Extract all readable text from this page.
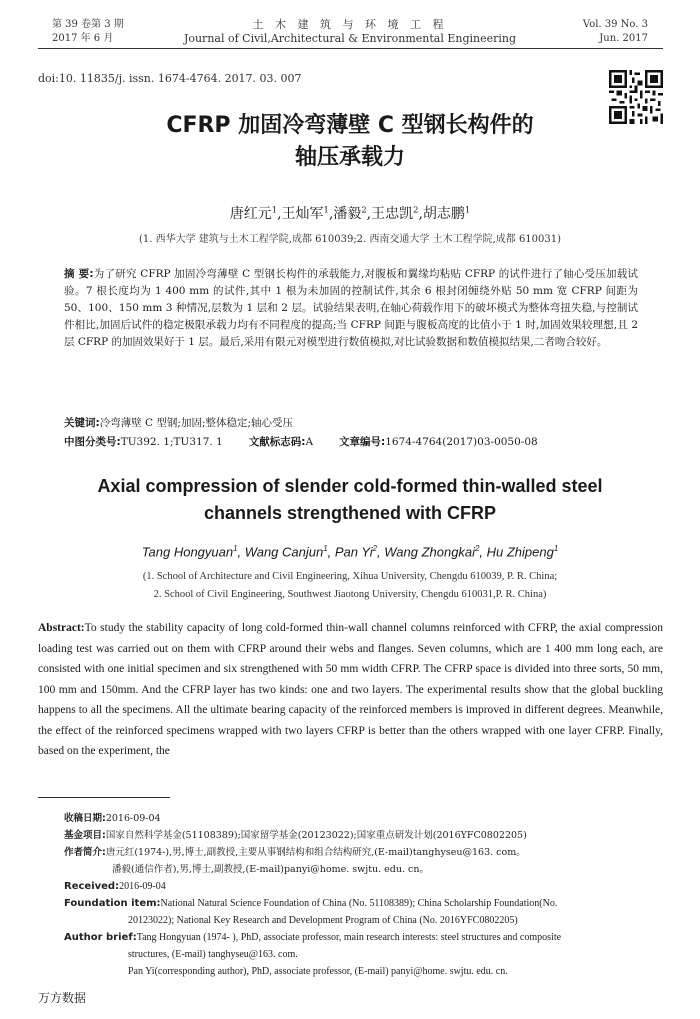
第 39 卷第 3 期
2017 年 6 月
土 木 建 筑 与 环 境 工 程
Journal of Civil,Architectural & Environmental Engineering
Vol. 39 No. 3
Jun. 2017
doi:10. 11835/j. issn. 1674-4764. 2017. 03. 007
CFRP 加固冷弯薄壁 C 型钢长构件的
轴压承载力
唐红元$^1$,王灿军$^1$,潘毅$^2$,王忠凯$^2$,胡志鹏$^1$
(1. 西华大学 建筑与土木工程学院,成都 610039;2. 西南交通大学 土木工程学院,成都 610031)
摘 要:为了研究 CFRP 加固冷弯薄壁 C 型钢长构件的承载能力,对腹板和翼缘均粘贴 CFRP 的试件进行了轴心受压加载试验。7 根长度均为 1 400 mm 的试件,其中 1 根为未加固的控制试件,其余 6 根封闭缠绕外贴 50 mm 宽 CFRP 间距为 50、100、150 mm 3 种情况,层数为 1 层和 2 层。试验结果表明,在轴心荷载作用下的破坏模式为整体弯扭失稳,与控制试件相比,加固后试件的稳定极限承载力均有不同程度的提高;当 CFRP 间距与腹板高度的比值小于 1 时,加固效果较理想,且 2 层 CFRP 的加固效果好于 1 层。最后,采用有限元对模型进行数值模拟,对比试验数据和数值模拟结果,二者吻合较好。
关键词:冷弯薄壁 C 型钢;加固;整体稳定;轴心受压
中图分类号:TU392. 1;TU317. 1 文献标志码:A 文章编号:1674-4764(2017)03-0050-08
Axial compression of slender cold-formed thin-walled steel
channels strengthened with CFRP
Tang Hongyuan$^1$, Wang Canjun$^1$, Pan Yi$^2$, Wang Zhongkai$^2$, Hu Zhipeng$^1$
(1. School of Architecture and Civil Engineering, Xihua University, Chengdu 610039, P. R. China;
2. School of Civil Engineering, Southwest Jiaotong University, Chengdu 610031,P. R. China)
Abstract:To study the stability capacity of long cold-formed thin-wall channel columns reinforced with CFRP, the axial compression loading test was carried out on them with CFRP around their webs and flanges. Seven columns, which are 1 400 mm long each, are consisted with one initial specimen and six strengthened with 50 mm width CFRP. The CFRP space is divided into three sorts, 50 mm, 100 mm and 150mm. And the CFRP layer has two kinds: one and two layers. The experimental results show that the global buckling happens to all the specimens. All the ultimate bearing capacity of the reinforced members is improved in different degrees. Meanwhile, the effect of the reinforced specimens wrapped with two layers CFRP is better than the others wrapped with one layer CFRP. Finally, based on the experiment, the
收稿日期: 2016-09-04
基金项目: 国家自然科学基金(51108389);国家留学基金(20123022);国家重点研发计划(2016YFC0802205)
作者简介: 唐元红(1974-),男,博士,副教授,主要从事钢结构和组合结构研究,(E-mail)tanghyseu@163. com。
潘毅(通信作者),男,博士,副教授,(E-mail)panyi@home. swjtu. edu. cn。
Received: 2016-09-04
Foundation item: National Natural Science Foundation of China (No. 51108389); China Scholarship Foundation(No.
20123022); National Key Research and Development Program of China (No. 2016YFC0802205)
Author brief: Tang Hongyuan (1974- ), PhD, associate professor, main research interests: steel structures and composite
structures, (E-mail) tanghyseu@163. com.
Pan Yi(corresponding author), PhD, associate professor, (E-mail) panyi@home. swjtu. edu. cn.
万方数据
